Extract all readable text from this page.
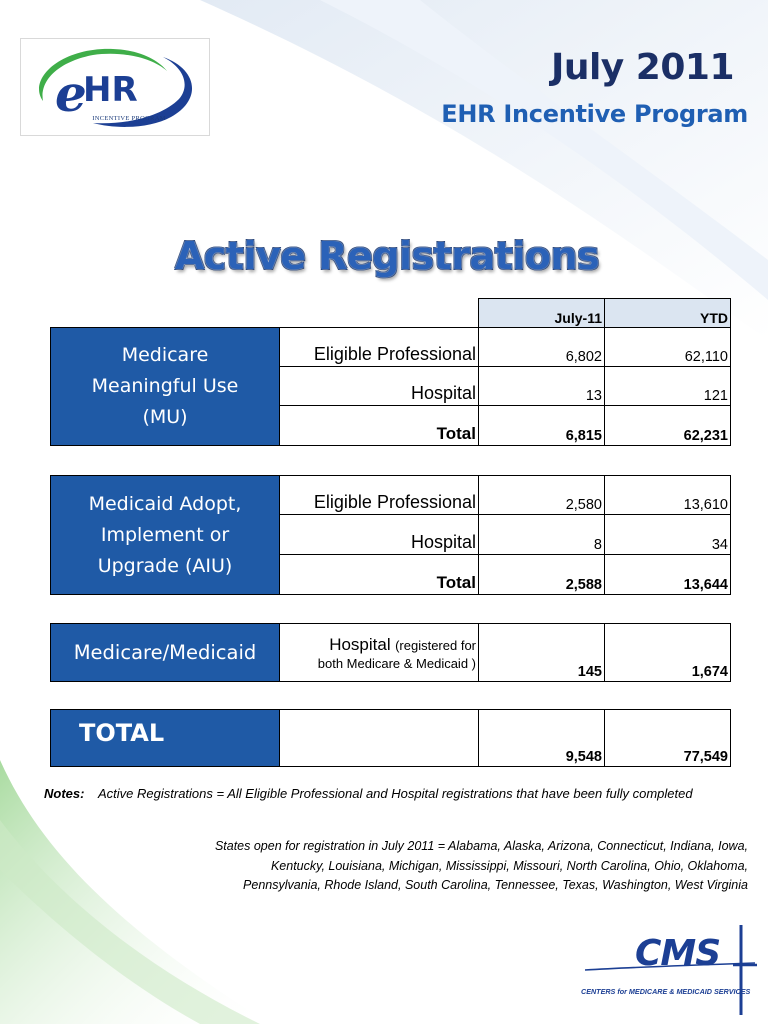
e
HR
INCENTIVE PROGRAM
July 2011
EHR Incentive Program
Active Registrations
July-11	YTD
Medicare Meaningful Use (MU)
Eligible Professional	6,802	62,110
Hospital	13	121
Total	6,815	62,231
Medicaid Adopt, Implement or Upgrade (AIU)
Eligible Professional	2,580	13,610
Hospital	8	34
Total	2,588	13,644
Medicare/Medicaid	Hospital (registered for
both Medicare & Medicaid )
145	1,674
TOTAL
9,548	77,549
Notes: Active Registrations = All Eligible Professional and Hospital registrations that have been fully completed
States open for registration in July 2011 = Alabama, Alaska, Arizona, Connecticut, Indiana, Iowa,
Kentucky, Louisiana, Michigan, Mississippi, Missouri, North Carolina, Ohio, Oklahoma,
Pennsylvania, Rhode Island, South Carolina, Tennessee, Texas, Washington, West Virginia
CMS
CENTERS for MEDICARE & MEDICAID SERVICES
